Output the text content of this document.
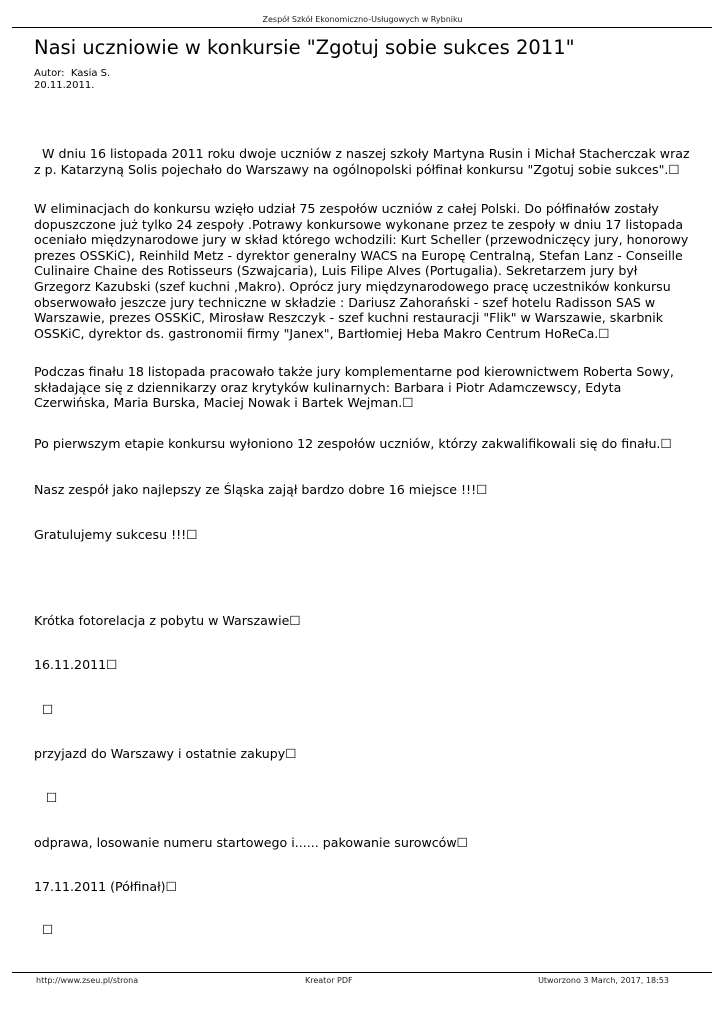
Zespół Szkół Ekonomiczno-Usługowych w Rybniku
Nasi uczniowie w konkursie "Zgotuj sobie sukces 2011"
Autor:  Kasia S.
20.11.2011.

W dniu 16 listopada 2011 roku dwoje uczniów z naszej szkoły Martyna Rusin i Michał Stacherczak wraz z p. Katarzyną Solis pojechało do Warszawy na ogólnopolski półfinał konkursu "Zgotuj sobie sukces".☐

W eliminacjach do konkursu wzięło udział 75 zespołów uczniów z całej Polski. Do półfinałów zostały dopuszczone już tylko 24 zespoły .Potrawy konkursowe wykonane przez te zespoły w dniu 17 listopada oceniało międzynarodowe jury w skład którego wchodzili: Kurt Scheller (przewodniczęcy jury, honorowy prezes OSSKiC), Reinhild Metz - dyrektor generalny WACS na Europę Centralną, Stefan Lanz - Conseille Culinaire Chaine des Rotisseurs (Szwajcaria), Luis Filipe Alves (Portugalia). Sekretarzem jury był Grzegorz Kazubski (szef kuchni ,Makro). Oprócz jury międzynarodowego pracę uczestników konkursu obserwowało jeszcze jury techniczne w składzie : Dariusz Zahorański - szef hotelu Radisson SAS w Warszawie, prezes OSSKiC, Mirosław Reszczyk - szef kuchni restauracji "Flik" w Warszawie, skarbnik OSSKiC, dyrektor ds. gastronomii firmy "Janex", Bartłomiej Heba Makro Centrum HoReCa.☐

Podczas finału 18 listopada pracowało także jury komplementarne pod kierownictwem Roberta Sowy, składające się z dziennikarzy oraz krytyków kulinarnych: Barbara i Piotr Adamczewscy, Edyta Czerwińska, Maria Burska, Maciej Nowak i Bartek Wejman.☐

Po pierwszym etapie konkursu wyłoniono 12 zespołów uczniów, którzy zakwalifikowali się do finału.☐

Nasz zespół jako najlepszy ze Śląska zajął bardzo dobre 16 miejsce !!!☐

Gratulujemy sukcesu !!!☐

Krótka fotorelacja z pobytu w Warszawie☐

16.11.2011☐

☐

przyjazd do Warszawy i ostatnie zakupy☐

☐

odprawa, losowanie numeru startowego i...... pakowanie surowców☐

17.11.2011 (Półfinał)☐

☐

http://www.zseu.pl/strona	Kreator PDF	Utworzono 3 March, 2017, 18:53
